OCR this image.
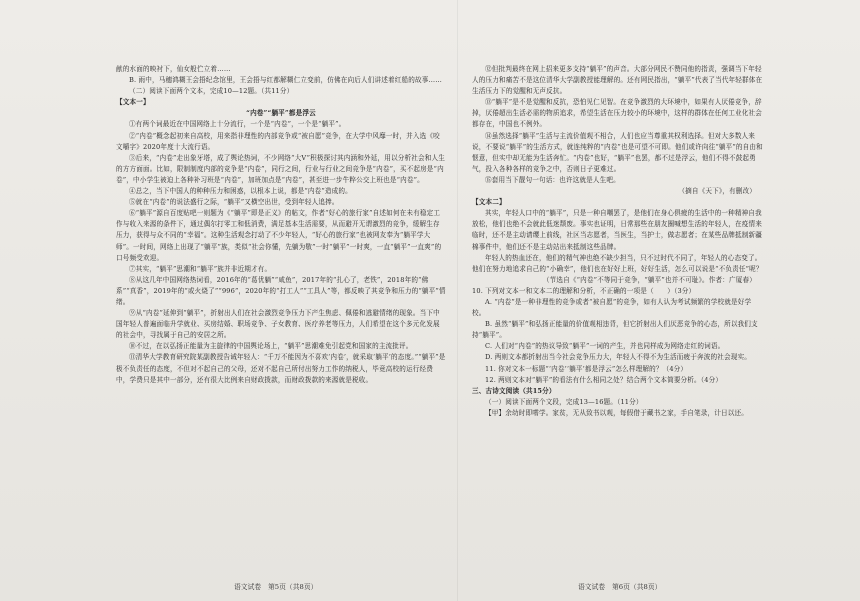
献的水面的映衬下，仙女般伫立着……

B. 雨中，马穗鸿糊王会捂纪念馆里，王会捂与红都解糊仁立变前，仿佛在向后人们讲述着红船的故事……

（二）阅读下面两个文本，完成10—12题。（共11分）

【文本一】

“内卷”“躺平”都是浮云

①有两个词最近在中国网络上十分流行，一个是“内卷”，一个是“躺平”。

②“内卷”概念起初来自高校，用来指非理性的内部竞争或“被自愿”竞争，在大学中风靡一时，并入选《咬文嚼字》2020年度十大流行语。

③后来，“内卷”走出象牙塔，成了舆论热词，不少网络“大V”积极探讨其内涵和外延，用以分析社会和人生的方方面面。比如，限制制度内部的竞争是“内卷”，同行之间，行业与行业之间竞争是“内卷”，买不起房是“内卷”，中小学生被迫上各种补习班是“内卷”，加班加点是“内卷”，甚至进一步牛粹公交上班也是“内卷”。

④总之，当下中国人的种种压力和困惑，以根本上说，都是“内卷”造成的。

⑤就在“内卷”的说法盛行之际，“躺平”又横空出世，受到年轻人追捧。

⑥“躺平”源自百度贴吧一则题为《“躺平”即是正义》的帖文，作者“好心的旅行家”自述如何在未有稳定工作与收入来源的条件下，通过偶尔打零工和低消费，满足基本生活需要，从而避开无谓激烈的竞争，缓解生存压力，获得与众不同的“幸福”。这种生活观念打动了不少年轻人，“好心的旅行家”也被网友奉为“躺平学大师”。一时间，网络上出现了“躺平”族，类似“社会你懂，先躺为敬”一时“躺平”一时爽，一直“躺平”一直爽”的口号频受欢迎。

⑦其实，“躺平”思潮和“躺平”族并非近期才有。

⑧从这几年中国网络热词看，2016年的“葛优躺”“咸鱼”，2017年的“扎心了，老铁”，2018年的“佛系”“真香”，2019年的“或火烧了”“996”，2020年的“打工人”“工具人”等，都反映了其竞争和压力的“躺平”情绪。

⑨从“内卷”延伸到“躺平”，折射出人们在社会激烈竞争压力下产生焦虑、佩倦和逃避情绪的现象。当下中国年轻人普遍面临升学就业、买房结婚、职场竞争、子女教育、医疗养老等压力，人们希望在这个多元化发展的社会中，寻找属于自己的安居之所。

⑩不过，在以弘扬正能量为主旋律的中国舆论场上，“躺平”思潮难免引起党和国家的主流批评。

⑪清华大学教育研究院某副教授告诫年轻人：“千万不能因为不喜欢‘内卷’，就采取‘躺平’的态度。”“躺平”是极不负责任的态度，不但对不起自己的父母，还对不起自己所付出努力工作的纳税人，毕竟高校的运行经费中，学费只是其中一部分，还有很大比例来自财政拨款，而财政拨款的来源就是税收。

⑫但批判最终在网上招来更多支持“躺平”的声音。大部分网民不赞同他的指责，强调当下年轻人的压力和痛苦不是这位清华大学副教授能理解的。还有网民指出，“躺平”代表了当代年轻群体在生活压力下的觉醒和无声反抗。

⑬“躺平”是不是觉醒和反抗，恐怕见仁见智。在竞争激烈的大环境中，如果有人厌倦竞争，辞掉，厌倦超出生活必需的物质追求，希望生活在压力较小的环境中，这样的群体在任何工业化社会都存在，中国也不例外。

⑭虽然选择“躺平”生活与主流价值观不相合，人们也应当尊重其权利选择。但对大多数人来说，不要说“躺平”的生活方式，就连纯粹的“内卷”也是可望不可即。他们或许向往“躺平”的自由和惬意，但实中却无能为生活奔忙。“内卷”也好，“躺平”也罢，都不过是浮云，他们不得不鼓起勇气，投入各种各样的竞争之中，否则日子更难过。

⑮套用当下靓句一句话：也许这就是人生吧。

（摘自《天下》，有删改）

【文本二】

其实，年轻人口中的“躺平”，只是一种自嘲罢了，是他们在身心俱疲的生活中的一种精神自我放松，他们也绝不会就此低迷颓废。事实也证明，日常那些在朋友圈喊想生活的年轻人，在疫情来临时，还不是主动请缨上前线，社区当志愿者，当医生，当护士，做志愿者；在某些品牌抵制新疆棉事件中，他们还不是主动站出来抵制这些品牌。

年轻人的热血还在，他们的精气神也绝不缺少担当，只不过时代不同了，年轻人的心态变了。他们在努力地追求自己的“小确幸”，他们也在好好上班，好好生活，怎么可以说是“不负责任”呢？

（节选自《“内卷”不等同于竞争，“躺平”也并不可耻》。作者：广厦春）

10. 下列对文本一和文本二的理解和分析，不正确的一项是（　　）（3分）

A. “内卷”是一种非理性的竞争或者“被自愿”的竞争，如有人认为考试频繁的学校就是好学校。

B. 虽然“躺平”和弘扬正能量的价值观相违背，但它折射出人们厌恶竞争的心态，所以我们支持“躺平”。

C. 人们对“内卷”的热议导致“躺平”一词的产生，并也同样成为网络走红的词语。

D. 两则文本都折射出当今社会竞争压力大，年轻人不得不为生活而疲于奔波的社会现实。

11. 你对文本一标题“‘内卷’‘躺平’都是浮云”怎么样理解的？（4分）

12. 两则文本对“躺平”的看法有什么相同之处？结合两个文本简要分析。（4分）

三、古诗文阅读（共15分）

（一）阅读下面两个文段，完成13—16题。（11分）

【甲】余幼时即嗜学。家贫，无从致书以观，每假借于藏书之家，手自笔录，计日以还。

语文试卷　第5页（共8页）	语文试卷　第6页（共8页）
